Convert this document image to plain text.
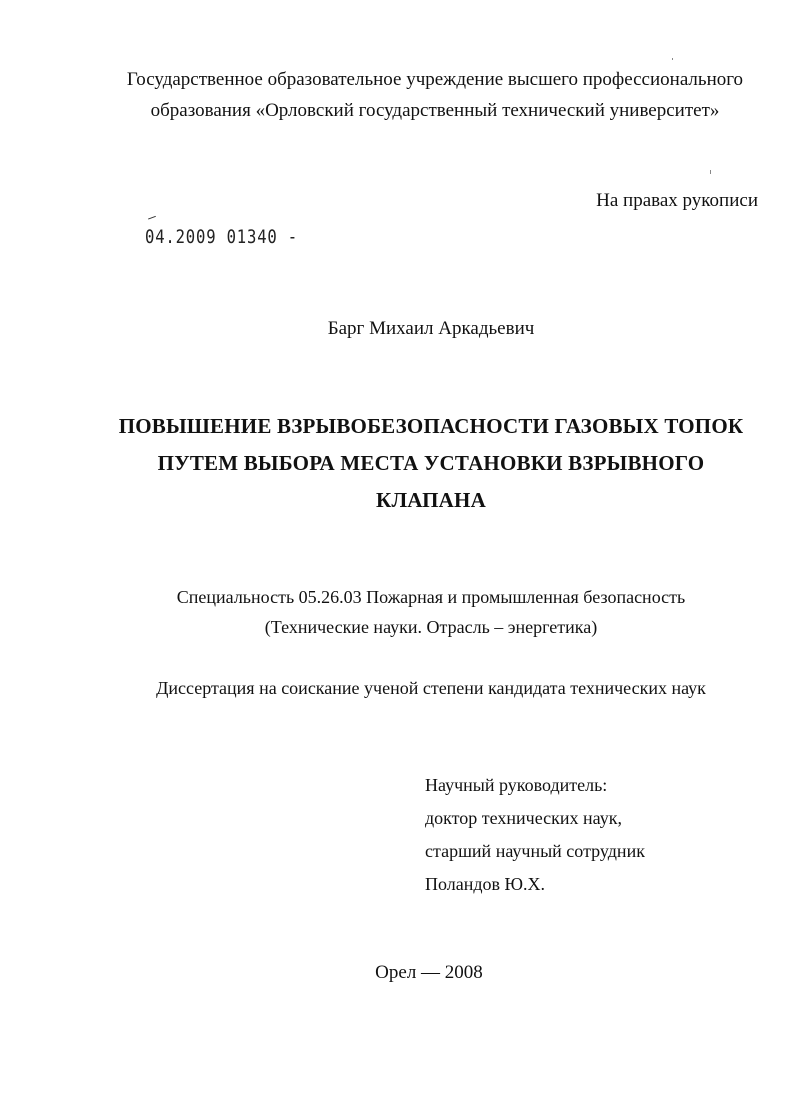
Государственное образовательное учреждение высшего профессионального
образования «Орловский государственный технический университет»
На правах рукописи
04.2009 01340 -
Барг Михаил Аркадьевич
ПОВЫШЕНИЕ ВЗРЫВОБЕЗОПАСНОСТИ ГАЗОВЫХ ТОПОК
ПУТЕМ ВЫБОРА МЕСТА УСТАНОВКИ ВЗРЫВНОГО
КЛАПАНА
Специальность 05.26.03 Пожарная и промышленная безопасность
(Технические науки. Отрасль – энергетика)
Диссертация на соискание ученой степени кандидата технических наук
Научный руководитель:
доктор технических наук,
старший научный сотрудник
Поландов Ю.Х.
Орел — 2008
